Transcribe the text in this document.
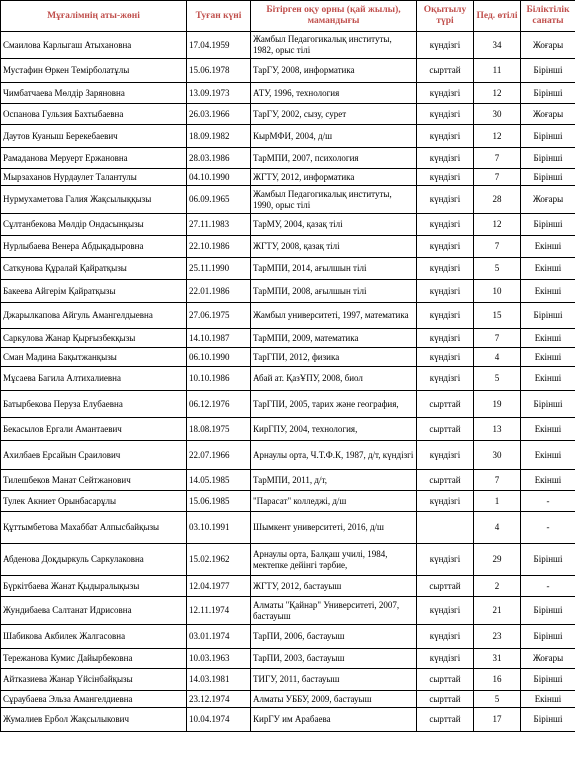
Мұғалімнің аты-жөні	Туған күні	Бітірген оқу орны (қай жылы), мамандығы	Оқытылу түрі	Пед. өтілі	Біліктілік санаты
Смаилова Карлыгаш Атыхановна	17.04.1959	Жамбыл Педагогикалық институты, 1982, орыс тілі	күндізгі	34	Жоғары
Мустафин Өркен Темірболатұлы	15.06.1978	ТарГУ, 2008, информатика	сырттай	11	Бірінші
Чимбатчаева Мөлдір Заряновна	13.09.1973	АТУ, 1996, технология	күндізгі	12	Бірінші
Оспанова Гульзия Бахтыбаевна	26.03.1966	ТарГУ, 2002, сызу, сурет	күндізгі	30	Жоғары
Даутов Куаныш Берекебаевич	18.09.1982	КырМФИ, 2004, д/ш	күндізгі	12	Бірінші
Рамаданова Меруерт Ержановна	28.03.1986	ТарМПИ, 2007, психология	күндізгі	7	Бірінші
Мырзаханов Нурдаулет Талантулы	04.10.1990	ЖГТУ, 2012, информатика	күндізгі	7	Бірінші
Нурмухаметова Галия Жақсылыққызы	06.09.1965	Жамбыл Педагогикалық институты, 1990, орыс тілі	күндізгі	28	Жоғары
Сұлтанбекова Мөлдір Ондасынқызы	27.11.1983	ТарМУ, 2004, қазақ тілі	күндізгі	12	Бірінші
Нурлыбаева Венера Абдықадыровна	22.10.1986	ЖГТУ, 2008, қазақ тілі	күндізгі	7	Екінші
Саткунова Құралай Қайратқызы	25.11.1990	ТарМПИ, 2014, ағылшын тілі	күндізгі	5	Екінші
Бакеева Айгерім Қайратқызы	22.01.1986	ТарМПИ, 2008, ағылшын тілі	күндізгі	10	Екінші
Джарылкапова Айгуль Амангелдыевна	27.06.1975	Жамбыл университеті, 1997, математика	күндізгі	15	Бірінші
Саркулова Жанар Қырғызбекқызы	14.10.1987	ТарМПИ, 2009, математика	күндізгі	7	Екінші
Сман Мадина Бақытжанқызы	06.10.1990	ТарГПИ, 2012, физика	күндізгі	4	Екінші
Мұсаева Багила Алтихалиевна	10.10.1986	Абай ат. ҚазҰПУ, 2008, биол	күндізгі	5	Екінші
Батырбекова Перуза Елубаевна	06.12.1976	ТарГПИ, 2005, тарих және география,	сырттай	19	Бірінші
Бекасылов Ергали Амантаевич	18.08.1975	КирГПУ, 2004, технология,	сырттай	13	Екінші
Ахилбаев Ерсайын Сраилович	22.07.1966	Арнаулы орта, Ч.Т.Ф.К, 1987, д/т, күндізгі	күндізгі	30	Екінші
Тилешбеков Манат Сейтжанович	14.05.1985	ТарМПИ, 2011, д/т,	сырттай	7	Екінші
Тулек Акниет Орынбасарұлы	15.06.1985	"Парасат" колледжі, д/ш	күндізгі	1	-
Құттымбетова Махаббат Алпысбайқызы	03.10.1991	Шымкент университеті, 2016, д/ш		4	-
Абденова Доқдыркуль Саркулаковна	15.02.1962	Арнаулы орта, Балқаш училі, 1984, мектепке дейінгі тәрбие,	күндізгі	29	Бірінші
Бүркітбаева Жанат Қыдыралықызы	12.04.1977	ЖГТУ, 2012, бастауыш	сырттай	2	-
Жундибаева Салтанат Идрисовна	12.11.1974	Алматы "Қайнар" Университеті, 2007, бастауыш	күндізгі	21	Бірінші
Шабикова Акбилек Жалгасовна	03.01.1974	ТарПИ, 2006, бастауыш	күндізгі	23	Бірінші
Тережанова Кумис Дайырбековна	10.03.1963	ТарПИ, 2003, бастауыш	күндізгі	31	Жоғары
Айтказиева Жанар Үйсінбайқызы	14.03.1981	ТИГУ, 2011, бастауыш	сырттай	16	Бірінші
Сұраубаева Эльза Амангелдиевна	23.12.1974	Алматы УББУ, 2009, бастауыш	сырттай	5	Екінші
Жумалиев Ербол Жақсылыкович	10.04.1974	КирГУ им Арабаева	сырттай	17	Бірінші
